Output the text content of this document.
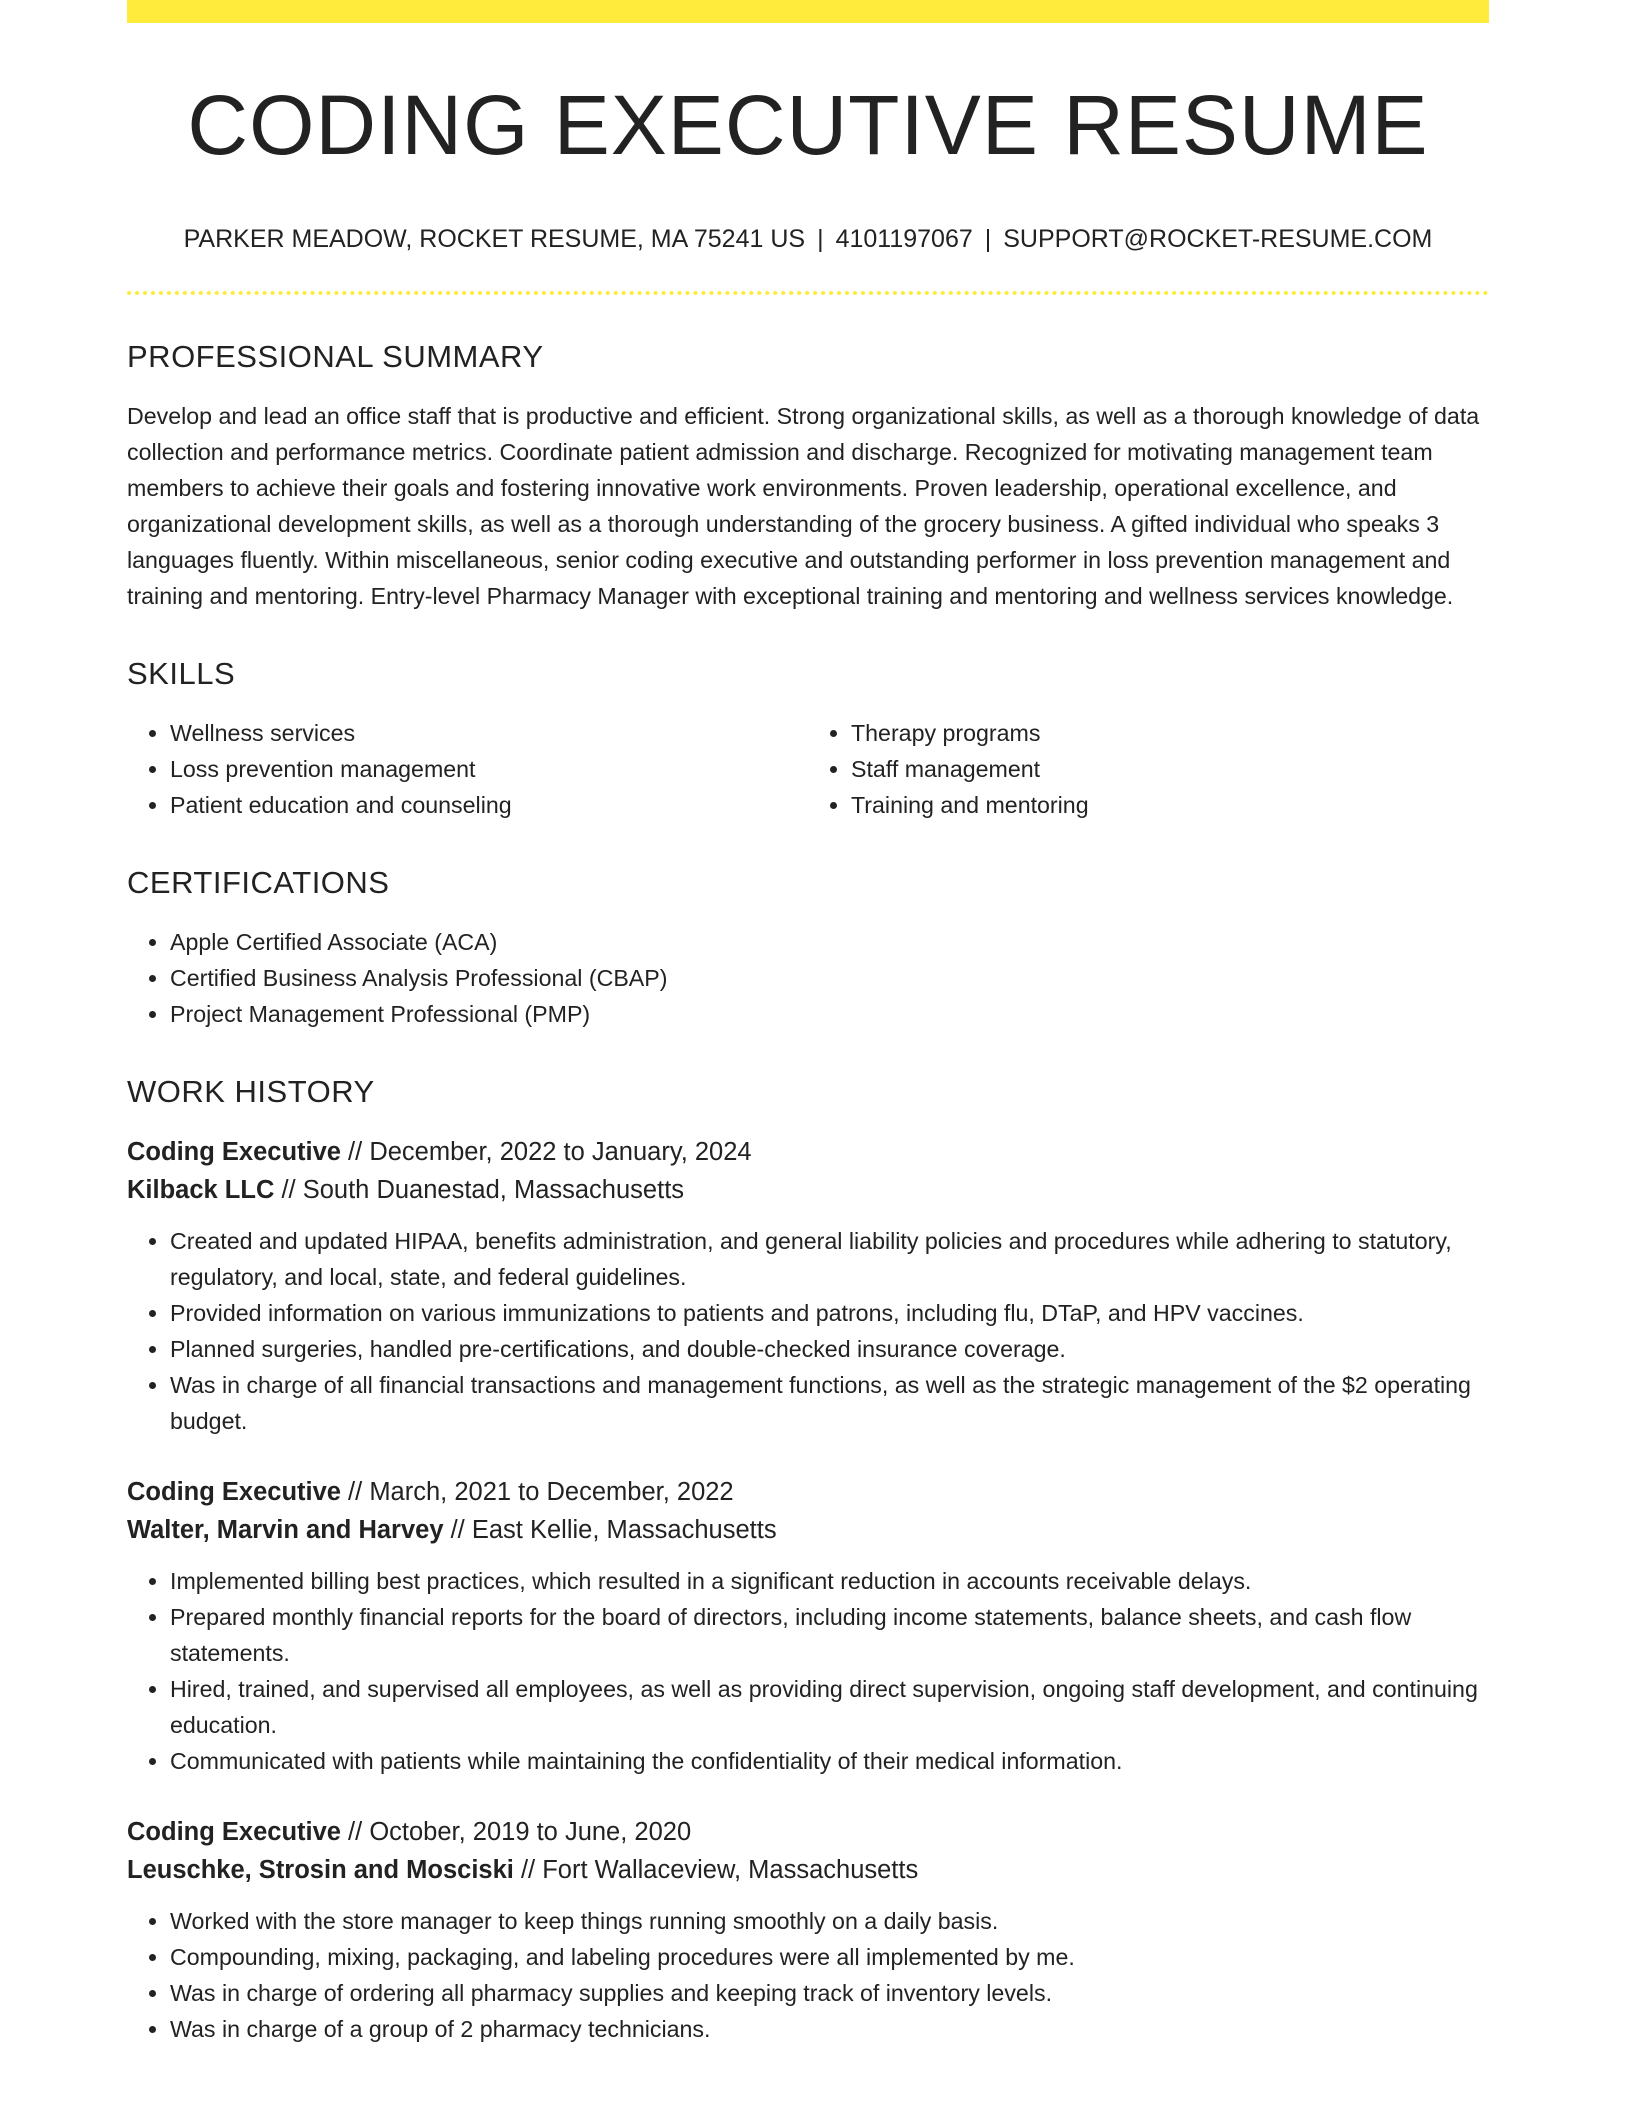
CODING EXECUTIVE RESUME
PARKER MEADOW, ROCKET RESUME, MA 75241 US | 4101197067 | SUPPORT@ROCKET-RESUME.COM
PROFESSIONAL SUMMARY
Develop and lead an office staff that is productive and efficient. Strong organizational skills, as well as a thorough knowledge of data collection and performance metrics. Coordinate patient admission and discharge. Recognized for motivating management team members to achieve their goals and fostering innovative work environments. Proven leadership, operational excellence, and organizational development skills, as well as a thorough understanding of the grocery business. A gifted individual who speaks 3 languages fluently. Within miscellaneous, senior coding executive and outstanding performer in loss prevention management and training and mentoring. Entry-level Pharmacy Manager with exceptional training and mentoring and wellness services knowledge.
SKILLS
• Wellness services
• Loss prevention management
• Patient education and counseling
• Therapy programs
• Staff management
• Training and mentoring
CERTIFICATIONS
• Apple Certified Associate (ACA)
• Certified Business Analysis Professional (CBAP)
• Project Management Professional (PMP)
WORK HISTORY
Coding Executive // December, 2022 to January, 2024
Kilback LLC // South Duanestad, Massachusetts
• Created and updated HIPAA, benefits administration, and general liability policies and procedures while adhering to statutory, regulatory, and local, state, and federal guidelines.
• Provided information on various immunizations to patients and patrons, including flu, DTaP, and HPV vaccines.
• Planned surgeries, handled pre-certifications, and double-checked insurance coverage.
• Was in charge of all financial transactions and management functions, as well as the strategic management of the $2 operating budget.
Coding Executive // March, 2021 to December, 2022
Walter, Marvin and Harvey // East Kellie, Massachusetts
• Implemented billing best practices, which resulted in a significant reduction in accounts receivable delays.
• Prepared monthly financial reports for the board of directors, including income statements, balance sheets, and cash flow statements.
• Hired, trained, and supervised all employees, as well as providing direct supervision, ongoing staff development, and continuing education.
• Communicated with patients while maintaining the confidentiality of their medical information.
Coding Executive // October, 2019 to June, 2020
Leuschke, Strosin and Mosciski // Fort Wallaceview, Massachusetts
• Worked with the store manager to keep things running smoothly on a daily basis.
• Compounding, mixing, packaging, and labeling procedures were all implemented by me.
• Was in charge of ordering all pharmacy supplies and keeping track of inventory levels.
• Was in charge of a group of 2 pharmacy technicians.
